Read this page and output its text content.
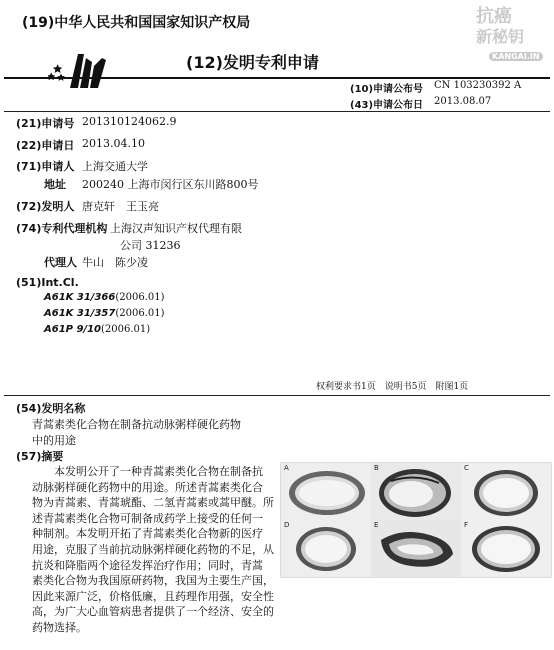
抗癌
新秘钥
KANGAI.IN
(19)中华人民共和国国家知识产权局
(12)发明专利申请
(10)申请公布号 CN 103230392 A
(43)申请公布日 2013.08.07
(21)申请号 201310124062.9
(22)申请日 2013.04.10
(71)申请人 上海交通大学
地址 200240 上海市闵行区东川路800号
(72)发明人 唐克轩　王玉亮
(74)专利代理机构 上海汉声知识产权代理有限
公司 31236
代理人 牛山　陈少凌
(51)Int.Cl.
A61K 31/366(2006.01)
A61K 31/357(2006.01)
A61P 9/10(2006.01)
权利要求书1页　说明书5页　附图1页
(54)发明名称
青蒿素类化合物在制备抗动脉粥样硬化药物
中的用途
(57)摘要

　　本发明公开了一种青蒿素类化合物在制备抗

动脉粥样硬化药物中的用途。所述青蒿素类化合

物为青蒿素、青蒿琥酯、二氢青蒿素或蒿甲醚。所

述青蒿素类化合物可制备成药学上接受的任何一

种制剂。本发明开拓了青蒿素类化合物新的医疗

用途，克服了当前抗动脉粥样硬化药物的不足，从

抗炎和降脂两个途径发挥治疗作用；同时，青蒿

素类化合物为我国原研药物，我国为主要生产国，

因此来源广泛，价格低廉，且药理作用强，安全性

高，为广大心血管病患者提供了一个经济、安全的

药物选择。

A	B	C
D	E	F
